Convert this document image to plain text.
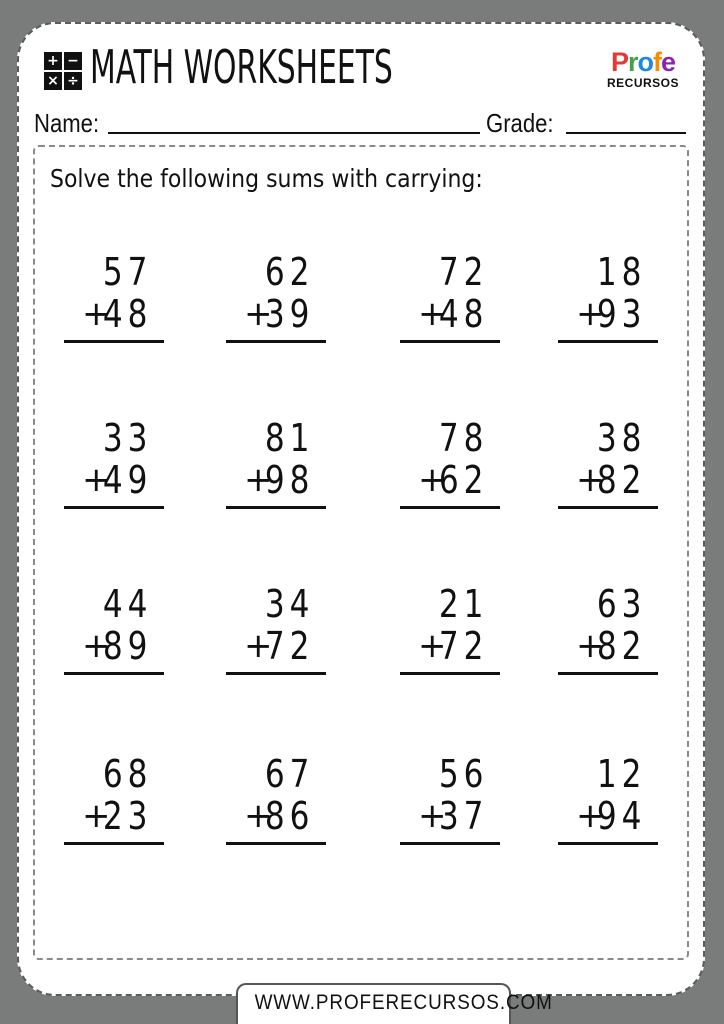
+ −
× ÷ MATH WORKSHEETS	Profe
RECURSOS
Name:	Grade:
Solve the following sums with carrying:
57
+
48
62
+
39
72
+
48
18
+
93
33
+
49
81
+
98
78
+
62
38
+
82
44
+
89
34
+
72
21
+
72
63
+
82
68
+
23
67
+
86
56
+
37
12
+
94
WWW.PROFERECURSOS.COM
